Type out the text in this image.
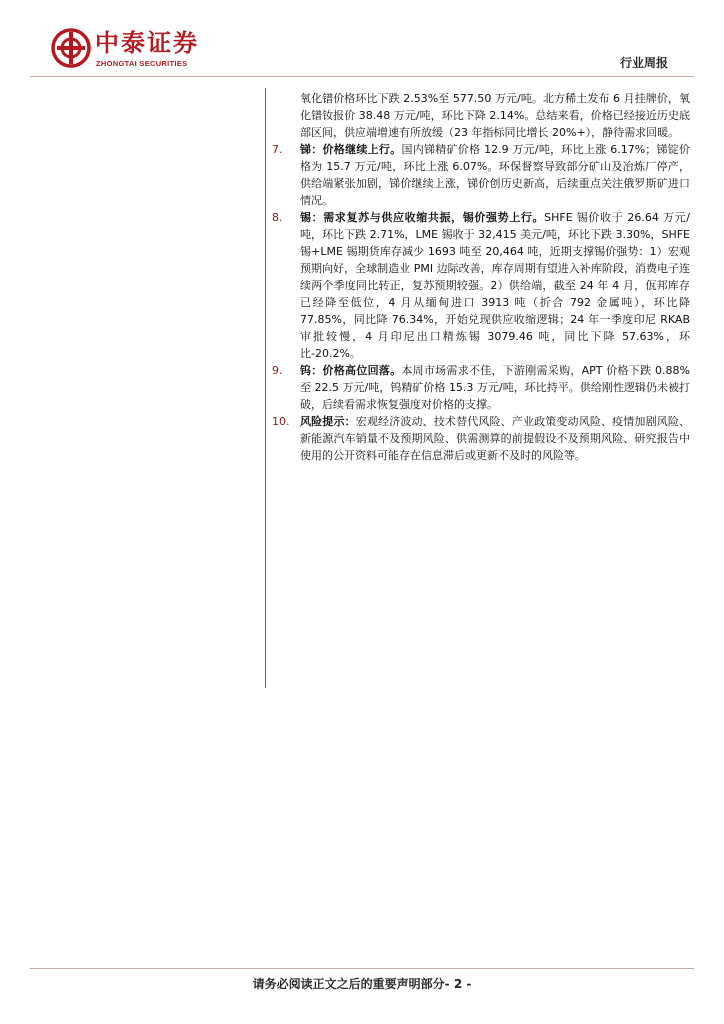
中泰证券
ZHONGTAI SECURITIES	行业周报
氧化镨价格环比下跌 2.53%至 577.50 万元/吨。北方稀土发布 6 月挂牌价，氧化镨钕报价 38.48 万元/吨，环比下降 2.14%。总结来看，价格已经接近历史底部区间，供应端增速有所放缓（23 年指标同比增长 20%+），静待需求回暖。
7. 锑：价格继续上行。国内锑精矿价格 12.9 万元/吨，环比上涨 6.17%；锑锭价格为 15.7 万元/吨，环比上涨 6.07%。环保督察导致部分矿山及冶炼厂停产，供给端紧张加剧，锑价继续上涨，锑价创历史新高，后续重点关注俄罗斯矿进口情况。
8. 锡：需求复苏与供应收缩共振，锡价强势上行。SHFE 锡价收于 26.64 万元/吨，环比下跌 2.71%，LME 锡收于 32,415 美元/吨，环比下跌 3.30%，SHFE 锡+LME 锡期货库存减少 1693 吨至 20,464 吨，近期支撑锡价强势：1）宏观预期向好，全球制造业 PMI 边际改善，库存周期有望进入补库阶段，消费电子连续两个季度同比转正，复苏预期较强。2）供给端，截至 24 年 4 月，佤邦库存已经降至低位，4 月从缅甸进口 3913 吨（折合 792 金属吨），环比降 77.85%，同比降 76.34%，开始兑现供应收缩逻辑；24 年一季度印尼 RKAB 审批较慢，4 月印尼出口精炼锡 3079.46 吨，同比下降 57.63%，环比-20.2%。
9. 钨：价格高位回落。本周市场需求不佳，下游刚需采购，APT 价格下跌 0.88%至 22.5 万元/吨，钨精矿价格 15.3 万元/吨，环比持平。供给刚性逻辑仍未被打破，后续看需求恢复强度对价格的支撑。
10. 风险提示：宏观经济波动、技术替代风险、产业政策变动风险、疫情加剧风险、新能源汽车销量不及预期风险、供需测算的前提假设不及预期风险、研究报告中使用的公开资料可能存在信息滞后或更新不及时的风险等。
请务必阅读正文之后的重要声明部分- 2 -
